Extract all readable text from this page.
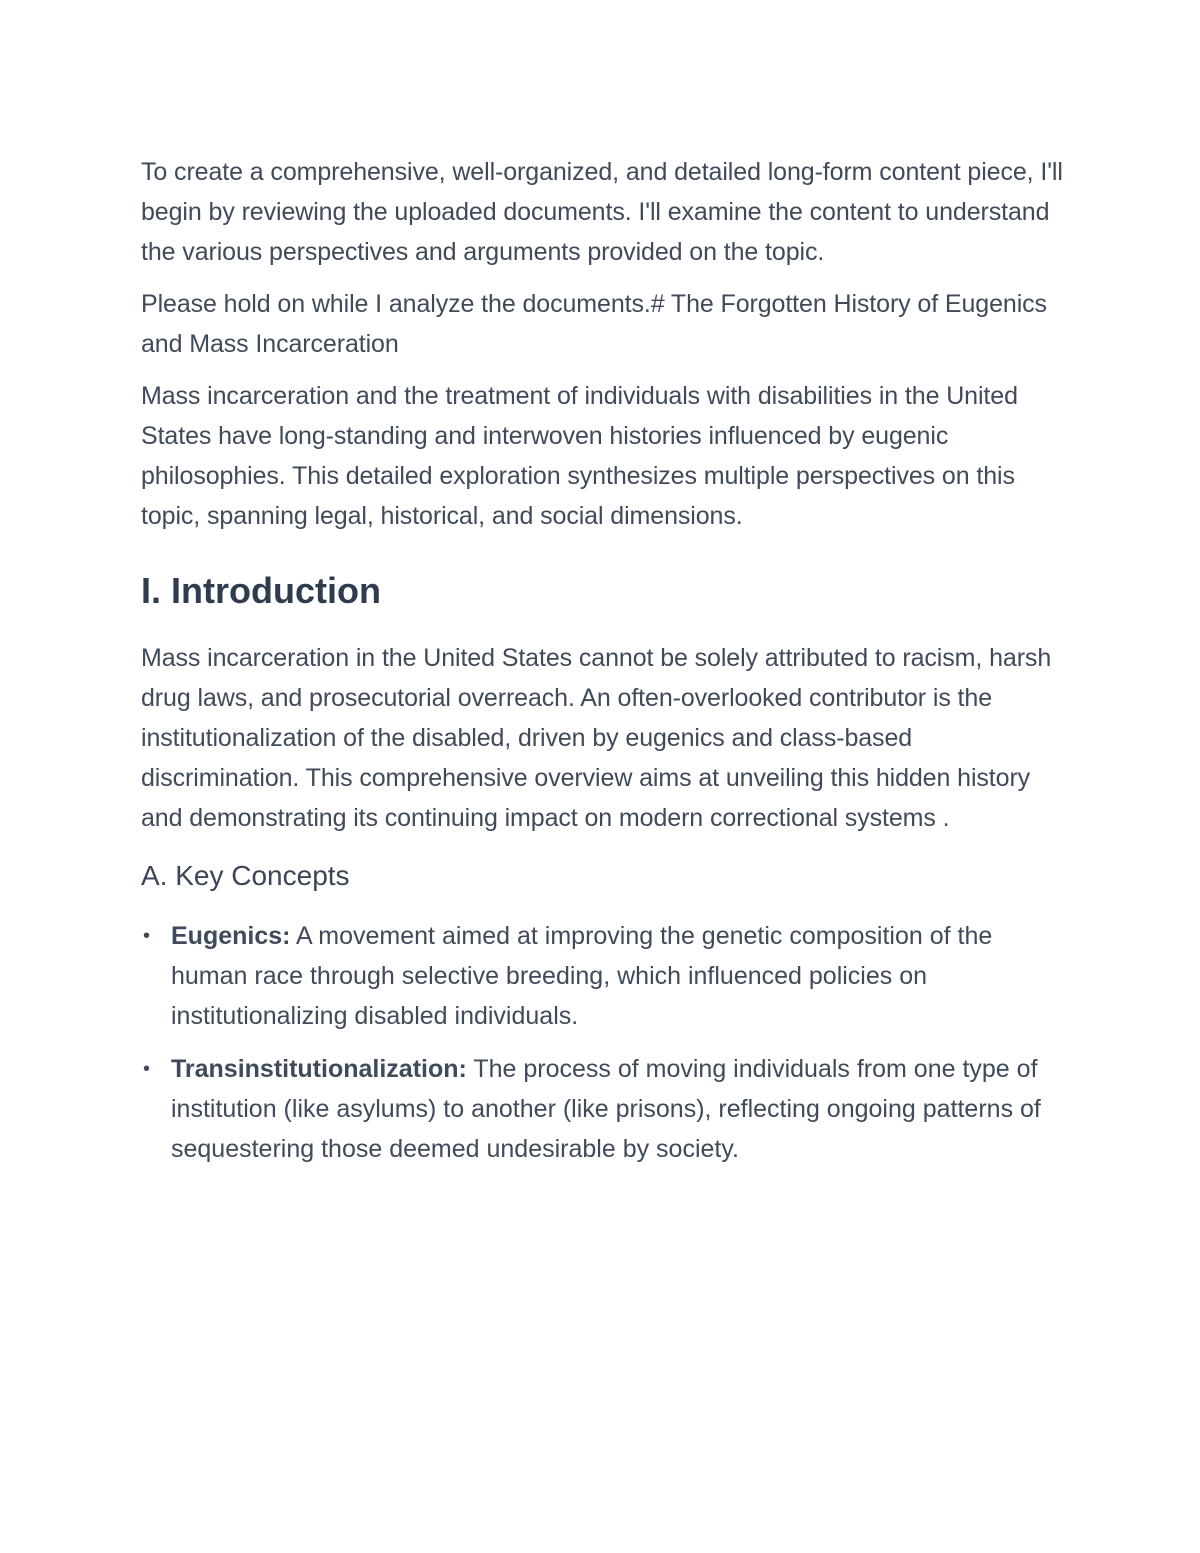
To create a comprehensive, well-organized, and detailed long-form content piece, I'll begin by reviewing the uploaded documents. I'll examine the content to understand the various perspectives and arguments provided on the topic.

Please hold on while I analyze the documents.# The Forgotten History of Eugenics and Mass Incarceration

Mass incarceration and the treatment of individuals with disabilities in the United States have long-standing and interwoven histories influenced by eugenic philosophies. This detailed exploration synthesizes multiple perspectives on this topic, spanning legal, historical, and social dimensions.

I. Introduction

Mass incarceration in the United States cannot be solely attributed to racism, harsh drug laws, and prosecutorial overreach. An often-overlooked contributor is the institutionalization of the disabled, driven by eugenics and class-based discrimination. This comprehensive overview aims at unveiling this hidden history and demonstrating its continuing impact on modern correctional systems .

A. Key Concepts
• Eugenics: A movement aimed at improving the genetic composition of the human race through selective breeding, which influenced policies on institutionalizing disabled individuals.
• Transinstitutionalization: The process of moving individuals from one type of institution (like asylums) to another (like prisons), reflecting ongoing patterns of sequestering those deemed undesirable by society.
